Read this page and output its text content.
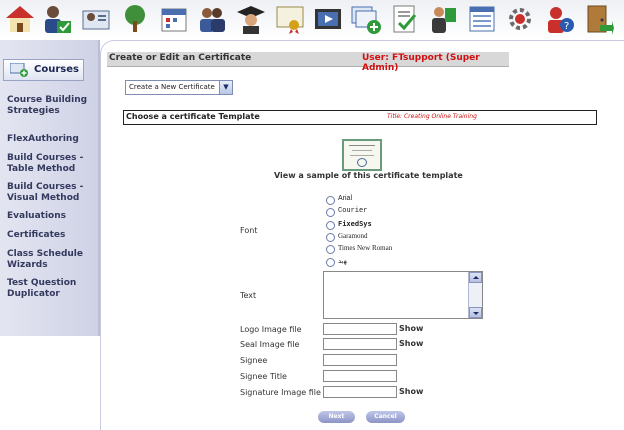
?
Courses
Course Building Strategies
FlexAuthoring
Build Courses - Table Method
Build Courses - Visual Method
Evaluations
Certificates
Class Schedule Wizards
Test Question Duplicator
Create or Edit an Certificate	User: FTsupport (Super Admin)
Create a New Certificate	▼
Choose a certificate Template	Title: Creating Online Training
View a sample of this certificate template
Font
Arial
Courier
FixedSys
Garamond
Times New Roman
ﻬﺑﺪ
Text
Logo Image file	Show
Seal Image file	Show
Signee
Signee Title
Signature Image file	Show
Next	Cancel
